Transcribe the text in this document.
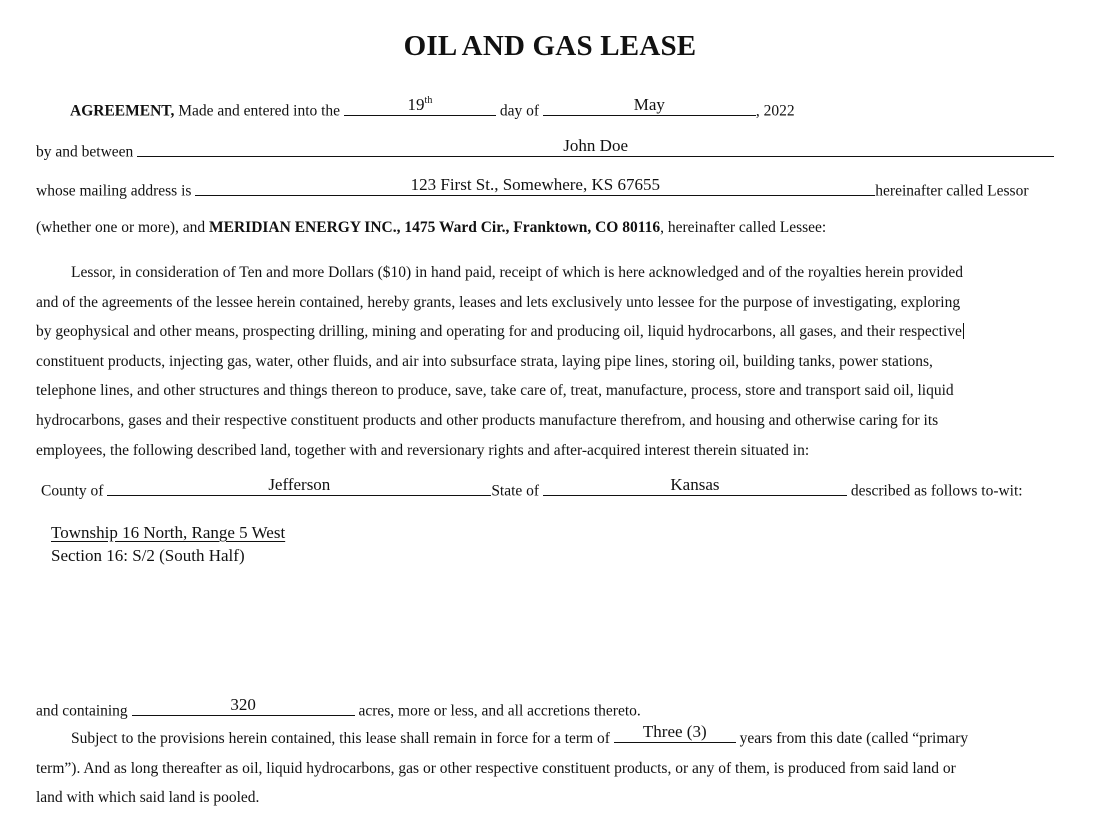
OIL AND GAS LEASE
AGREEMENT, Made and entered into the	19th
day of	May	, 2022
by and between	John Doe
whose mailing address is	123 First St., Somewhere, KS 67655	hereinafter called Lessor
(whether one or more), and MERIDIAN ENERGY INC., 1475 Ward Cir., Franktown, CO 80116, hereinafter called Lessee:
Lessor, in consideration of Ten and more Dollars ($10) in hand paid, receipt of which is here acknowledged and of the royalties herein provided
and of the agreements of the lessee herein contained, hereby grants, leases and lets exclusively unto lessee for the purpose of investigating, exploring
by geophysical and other means, prospecting drilling, mining and operating for and producing oil, liquid hydrocarbons, all gases, and their respective
constituent products, injecting gas, water, other fluids, and air into subsurface strata, laying pipe lines, storing oil, building tanks, power stations,
telephone lines, and other structures and things thereon to produce, save, take care of, treat, manufacture, process, store and transport said oil, liquid
hydrocarbons, gases and their respective constituent products and other products manufacture therefrom, and housing and otherwise caring for its
employees, the following described land, together with and reversionary rights and after-acquired interest therein situated in:
County of	Jefferson	State of	Kansas	described as follows to-wit:
Township 16 North, Range 5 West
Section 16: S/2 (South Half)
and containing	320	acres, more or less, and all accretions thereto.
Subject to the provisions herein contained, this lease shall remain in force for a term of	Three (3)	years from this date (called “primary
term”). And as long thereafter as oil, liquid hydrocarbons, gas or other respective constituent products, or any of them, is produced from said land or
land with which said land is pooled.
